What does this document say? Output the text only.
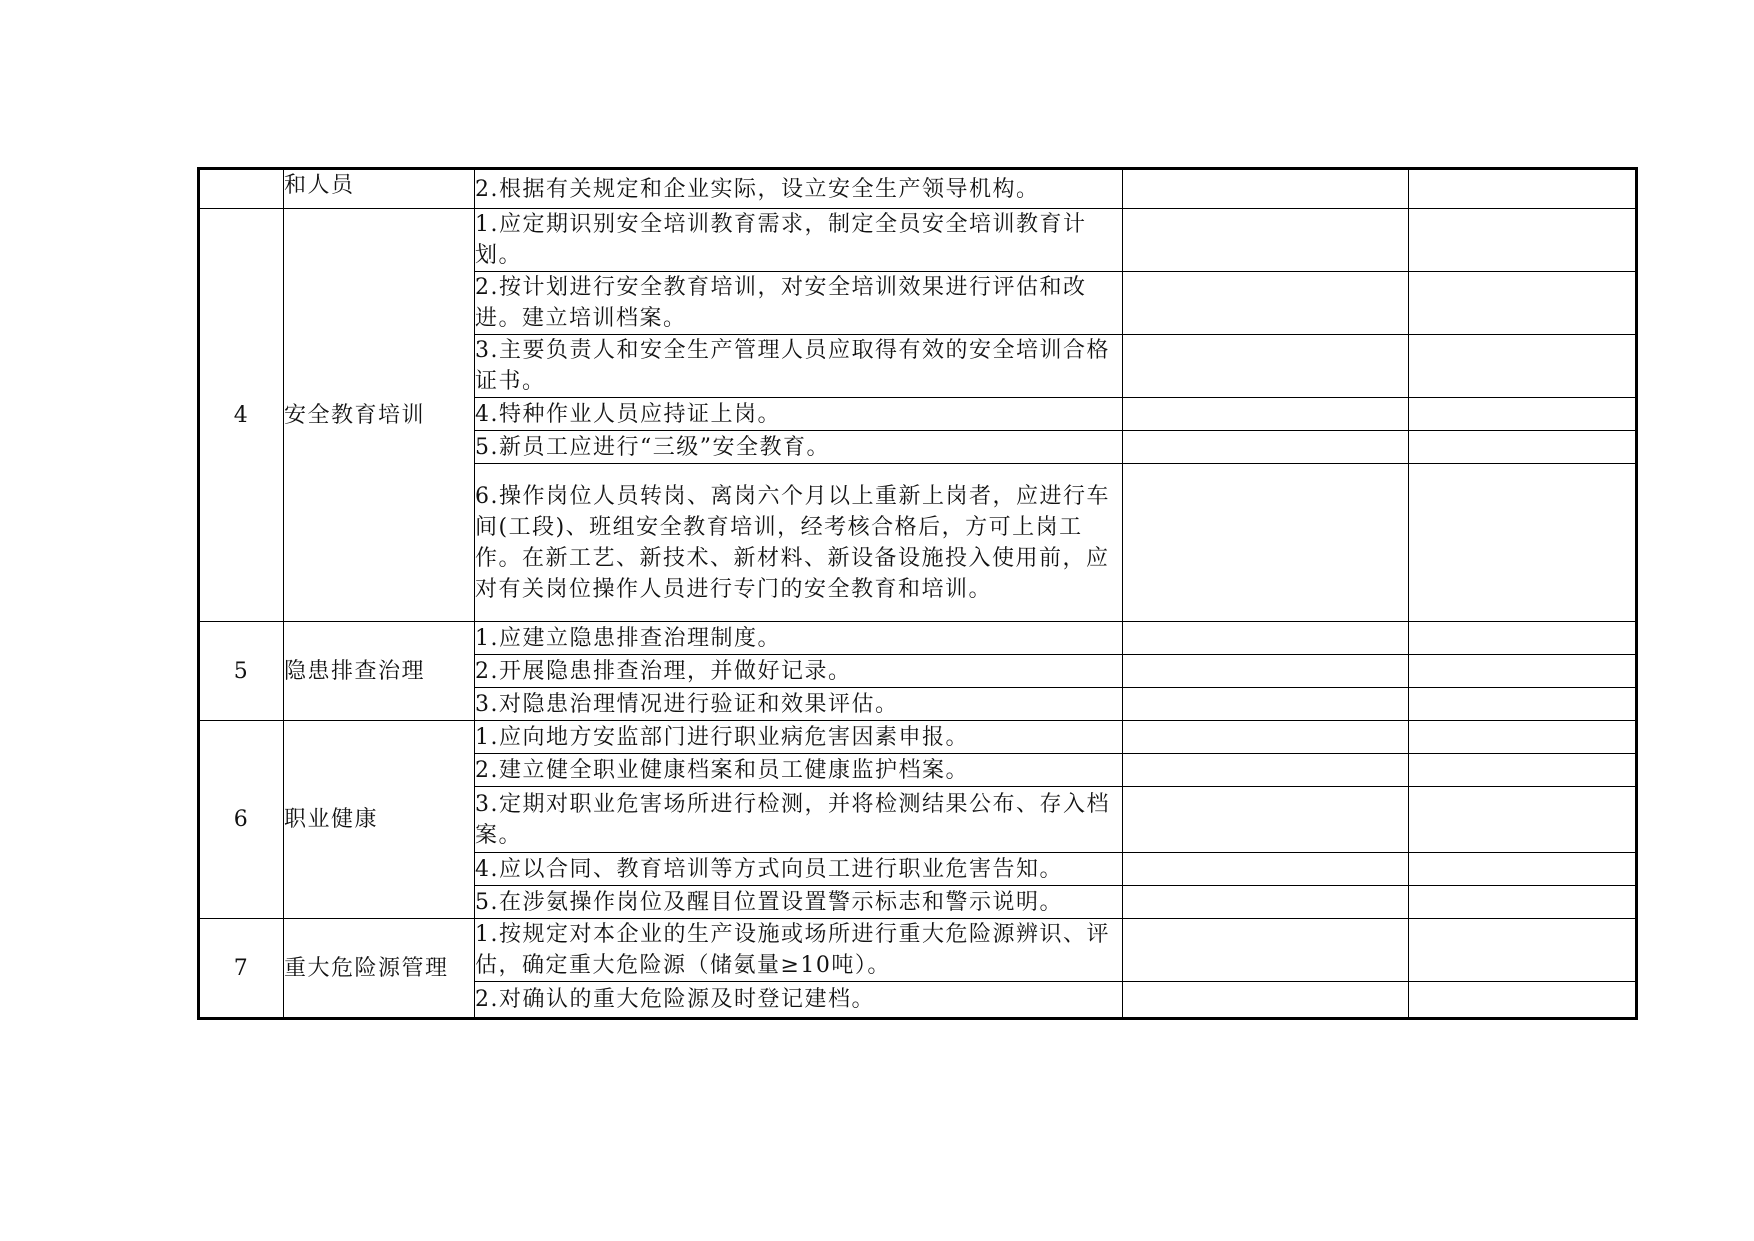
	和人员	2.根据有关规定和企业实际，设立安全生产领导机构。		
4	安全教育培训	1.应定期识别安全培训教育需求，制定全员安全培训教育计划。		
		2.按计划进行安全教育培训，对安全培训效果进行评估和改进。建立培训档案。		
		3.主要负责人和安全生产管理人员应取得有效的安全培训合格证书。		
		4.特种作业人员应持证上岗。		
		5.新员工应进行“三级”安全教育。		
		6.操作岗位人员转岗、离岗六个月以上重新上岗者，应进行车间(工段)、班组安全教育培训，经考核合格后，方可上岗工作。在新工艺、新技术、新材料、新设备设施投入使用前，应对有关岗位操作人员进行专门的安全教育和培训。		
5	隐患排查治理	1.应建立隐患排查治理制度。		
		2.开展隐患排查治理，并做好记录。		
		3.对隐患治理情况进行验证和效果评估。		
6	职业健康	1.应向地方安监部门进行职业病危害因素申报。		
		2.建立健全职业健康档案和员工健康监护档案。		
		3.定期对职业危害场所进行检测，并将检测结果公布、存入档案。		
		4.应以合同、教育培训等方式向员工进行职业危害告知。		
		5.在涉氨操作岗位及醒目位置设置警示标志和警示说明。		
7	重大危险源管理	1.按规定对本企业的生产设施或场所进行重大危险源辨识、评估，确定重大危险源（储氨量≥10吨）。		
		2.对确认的重大危险源及时登记建档。		
